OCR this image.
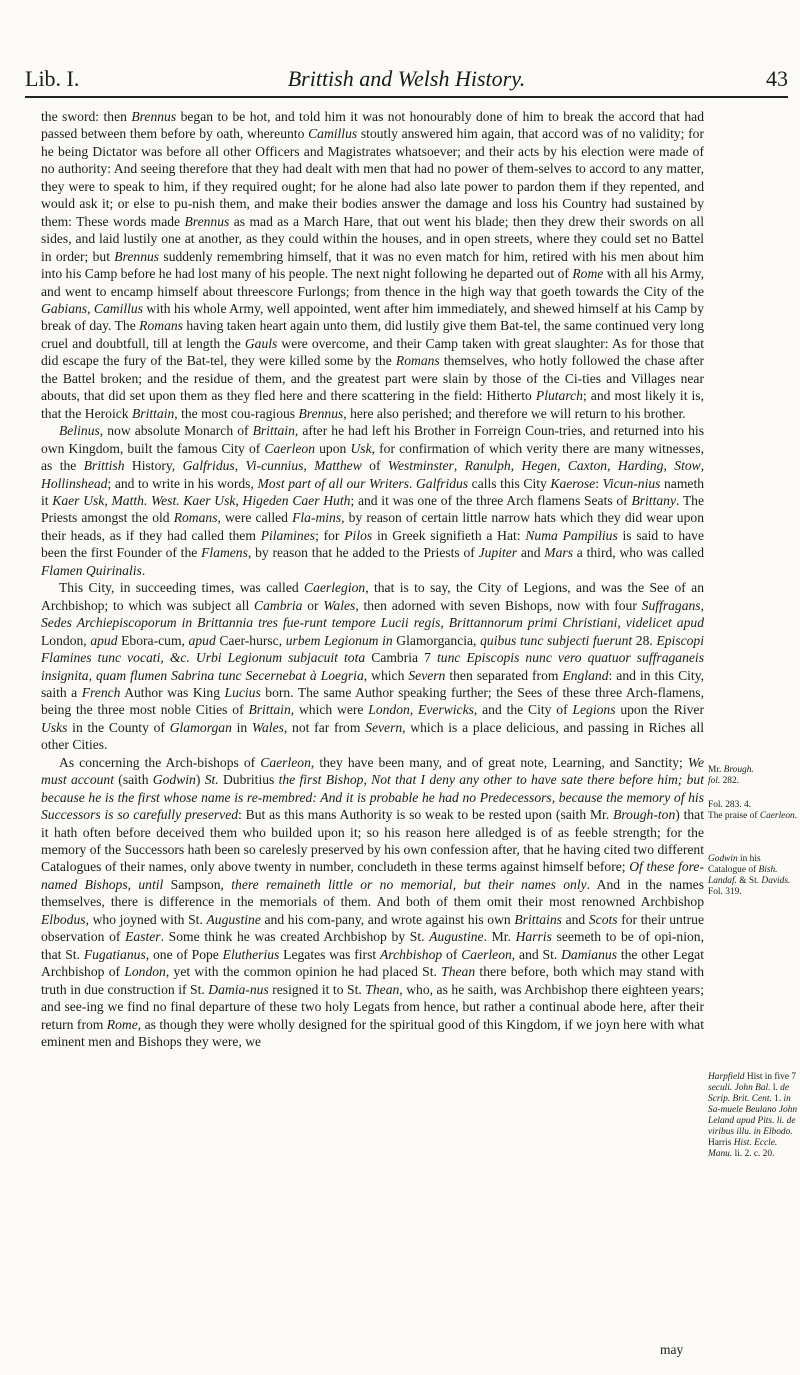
Lib. I.	Brittish and Welsh History.	43

the sword: then Brennus began to be hot, and told him it was not honourably done of him to break the accord that had passed between them before by oath, whereunto Camillus stoutly answered him again, that accord was of no validity; for he being Dictator was before all other Officers and Magistrates whatsoever; and their acts by his election were made of no authority: And seeing therefore that they had dealt with men that had no power of them-selves to accord to any matter, they were to speak to him, if they required ought; for he alone had also late power to pardon them if they repented, and would ask it; or else to pu-nish them, and make their bodies answer the damage and loss his Country had sustained by them: These words made Brennus as mad as a March Hare, that out went his blade; then they drew their swords on all sides, and laid lustily one at another, as they could within the houses, and in open streets, where they could set no Battel in order; but Brennus suddenly remembring himself, that it was no even match for him, retired with his men about him into his Camp before he had lost many of his people. The next night following he departed out of Rome with all his Army, and went to encamp himself about threescore Furlongs; from thence in the high way that goeth towards the City of the Gabians, Camillus with his whole Army, well appointed, went after him immediately, and shewed himself at his Camp by break of day. The Romans having taken heart again unto them, did lustily give them Bat-tel, the same continued very long cruel and doubtfull, till at length the Gauls were overcome, and their Camp taken with great slaughter: As for those that did escape the fury of the Bat-tel, they were killed some by the Romans themselves, who hotly followed the chase after the Battel broken; and the residue of them, and the greatest part were slain by those of the Ci-ties and Villages near abouts, that did set upon them as they fled here and there scattering in the field: Hitherto Plutarch; and most likely it is, that the Heroick Brittain, the most cou-ragious Brennus, here also perished; and therefore we will return to his brother.

Belinus, now absolute Monarch of Brittain, after he had left his Brother in Forreign Coun-tries, and returned into his own Kingdom, built the famous City of Caerleon upon Usk, for confirmation of which verity there are many witnesses, as the Brittish History, Galfridus, Vi-cunnius, Matthew of Westminster, Ranulph, Hegen, Caxton, Harding, Stow, Hollinshead; and to write in his words, Most part of all our Writers. Galfridus calls this City Kaerose: Vicun-nius nameth it Kaer Usk, Matth. West. Kaer Usk, Higeden Caer Huth; and it was one of the three Arch flamens Seats of Brittany. The Priests amongst the old Romans, were called Fla-mins, by reason of certain little narrow hats which they did wear upon their heads, as if they had called them Pilamines; for Pilos in Greek signifieth a Hat: Numa Pampilius is said to have been the first Founder of the Flamens, by reason that he added to the Priests of Jupiter and Mars a third, who was called Flamen Quirinalis.

This City, in succeeding times, was called Caerlegion, that is to say, the City of Legions, and was the See of an Archbishop; to which was subject all Cambria or Wales, then adorned with seven Bishops, now with four Suffragans, Sedes Archiepiscoporum in Brittannia tres fue-runt tempore Lucii regis, Brittannorum primi Christiani, videlicet apud London, apud Ebora-cum, apud Caer-hursc, urbem Legionum in Glamorgancia, quibus tunc subjecti fuerunt 28. Episcopi Flamines tunc vocati, &c. Urbi Legionum subjacuit tota Cambria 7 tunc Episcopis nunc vero quatuor suffraganeis insignita, quam flumen Sabrina tunc Secernebat à Loegria, which Severn then separated from England: and in this City, saith a French Author was King Lucius born. The same Author speaking further; the Sees of these three Arch-flamens, being the three most noble Cities of Brittain, which were London, Everwicks, and the City of Legions upon the River Usks in the County of Glamorgan in Wales, not far from Severn, which is a place delicious, and passing in Riches all other Cities.

As concerning the Arch-bishops of Caerleon, they have been many, and of great note, Learning, and Sanctity; We must account (saith Godwin) St. Dubritius the first Bishop, Not that I deny any other to have sate there before him; but because he is the first whose name is re-membred: And it is probable he had no Predecessors, because the memory of his Successors is so carefully preserved: But as this mans Authority is so weak to be rested upon (saith Mr. Brough-ton) that it hath often before deceived them who builded upon it; so his reason here alledged is of as feeble strength; for the memory of the Successors hath been so carelesly preserved by his own confession after, that he having cited two different Catalogues of their names, only above twenty in number, concludeth in these terms against himself before; Of these fore-named Bishops, until Sampson, there remaineth little or no memorial, but their names only. And in the names themselves, there is difference in the memorials of them. And both of them omit their most renowned Archbishop Elbodus, who joyned with St. Augustine and his com-pany, and wrote against his own Brittains and Scots for their untrue observation of Easter. Some think he was created Archbishop by St. Augustine. Mr. Harris seemeth to be of opi-nion, that St. Fugatianus, one of Pope Elutherius Legates was first Archbishop of Caerleon, and St. Damianus the other Legat Archbishop of London, yet with the common opinion he had placed St. Thean there before, both which may stand with truth in due construction if St. Damia-nus resigned it to St. Thean, who, as he saith, was Archbishop there eighteen years; and see-ing we find no final departure of these two holy Legats from hence, but rather a continual abode here, after their return from Rome, as though they were wholly designed for the spiritual good of this Kingdom, if we joyn here with what eminent men and Bishops they were, we

may
Mr. Brough.
fol. 282.
Fol. 283. 4.
The praise of Caerleon.
Godwin in his Catalogue of Bish. Landaf. & St. Davids. Fol. 319.
Harpfield Hist in five 7 seculi. John Bal. l. de Scrip. Brit. Cent. 1. in Sa-muele Beulano John Leland apud Pits. li. de viribus illu. in Elbodo. Harris Hist. Eccle. Manu. li. 2. c. 20.
